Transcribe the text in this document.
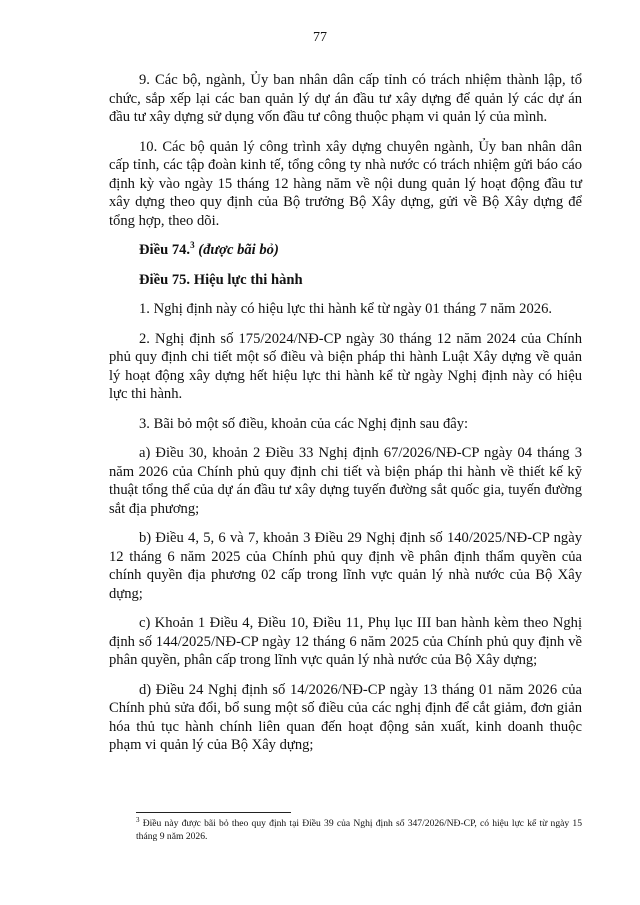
77

9. Các bộ, ngành, Ủy ban nhân dân cấp tỉnh có trách nhiệm thành lập, tổ chức, sắp xếp lại các ban quản lý dự án đầu tư xây dựng để quản lý các dự án đầu tư xây dựng sử dụng vốn đầu tư công thuộc phạm vi quản lý của mình.

10. Các bộ quản lý công trình xây dựng chuyên ngành, Ủy ban nhân dân cấp tỉnh, các tập đoàn kinh tế, tổng công ty nhà nước có trách nhiệm gửi báo cáo định kỳ vào ngày 15 tháng 12 hàng năm về nội dung quản lý hoạt động đầu tư xây dựng theo quy định của Bộ trưởng Bộ Xây dựng, gửi về Bộ Xây dựng để tổng hợp, theo dõi.

Điều 74.$^3$ (được bãi bỏ)

Điều 75. Hiệu lực thi hành

1. Nghị định này có hiệu lực thi hành kể từ ngày 01 tháng 7 năm 2026.

2. Nghị định số 175/2024/NĐ-CP ngày 30 tháng 12 năm 2024 của Chính phủ quy định chi tiết một số điều và biện pháp thi hành Luật Xây dựng về quản lý hoạt động xây dựng hết hiệu lực thi hành kể từ ngày Nghị định này có hiệu lực thi hành.

3. Bãi bỏ một số điều, khoản của các Nghị định sau đây:

a) Điều 30, khoản 2 Điều 33 Nghị định 67/2026/NĐ-CP ngày 04 tháng 3 năm 2026 của Chính phủ quy định chi tiết và biện pháp thi hành về thiết kế kỹ thuật tổng thể của dự án đầu tư xây dựng tuyến đường sắt quốc gia, tuyến đường sắt địa phương;

b) Điều 4, 5, 6 và 7, khoản 3 Điều 29 Nghị định số 140/2025/NĐ-CP ngày 12 tháng 6 năm 2025 của Chính phủ quy định về phân định thẩm quyền của chính quyền địa phương 02 cấp trong lĩnh vực quản lý nhà nước của Bộ Xây dựng;

c) Khoản 1 Điều 4, Điều 10, Điều 11, Phụ lục III ban hành kèm theo Nghị định số 144/2025/NĐ-CP ngày 12 tháng 6 năm 2025 của Chính phủ quy định về phân quyền, phân cấp trong lĩnh vực quản lý nhà nước của Bộ Xây dựng;

d) Điều 24 Nghị định số 14/2026/NĐ-CP ngày 13 tháng 01 năm 2026 của Chính phủ sửa đổi, bổ sung một số điều của các nghị định để cắt giảm, đơn giản hóa thủ tục hành chính liên quan đến hoạt động sản xuất, kinh doanh thuộc phạm vi quản lý của Bộ Xây dựng;

$^3$ Điều này được bãi bỏ theo quy định tại Điều 39 của Nghị định số 347/2026/NĐ-CP, có hiệu lực kể từ ngày 15 tháng 9 năm 2026.
